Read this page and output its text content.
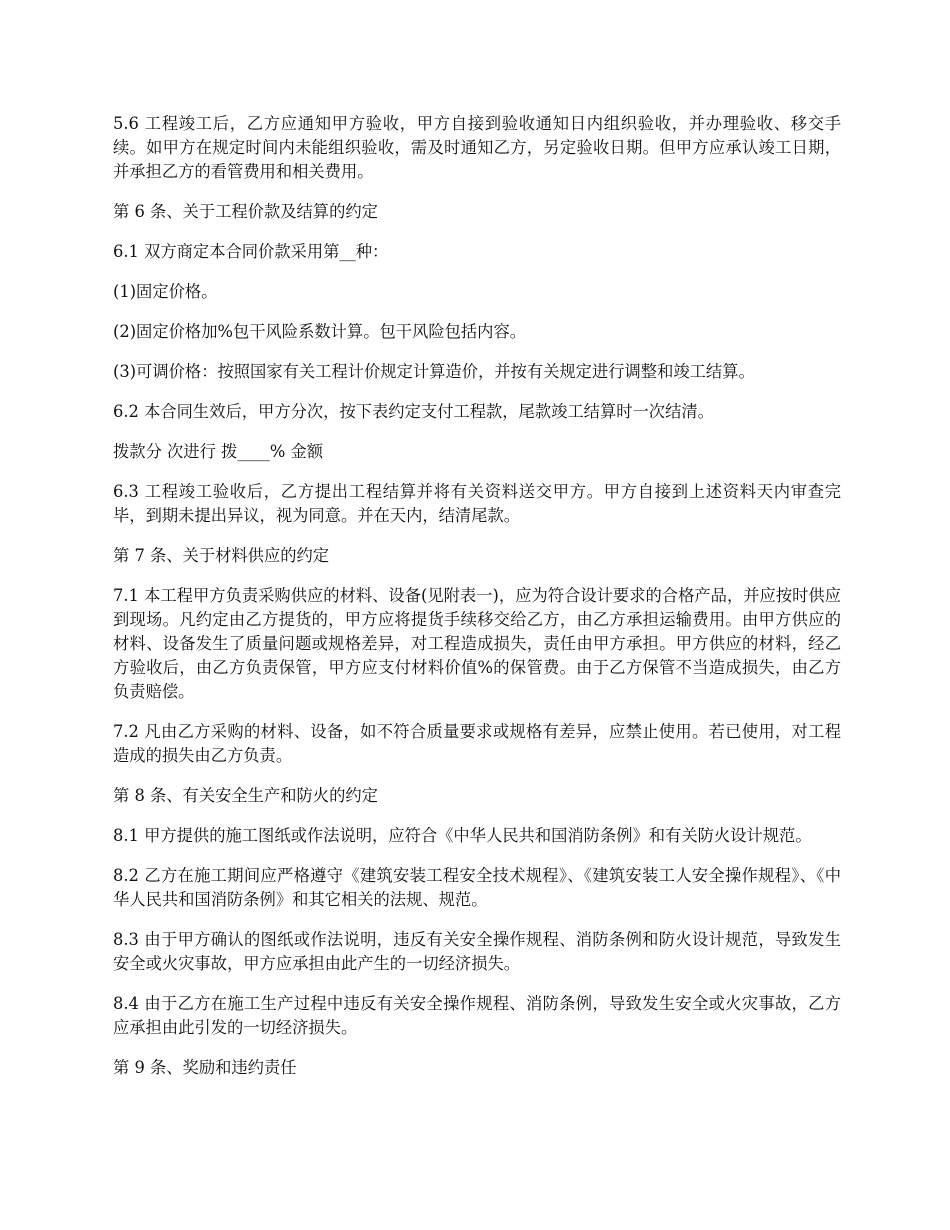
5.6 工程竣工后，乙方应通知甲方验收，甲方自接到验收通知日内组织验收，并办理验收、移交手续。如甲方在规定时间内未能组织验收，需及时通知乙方，另定验收日期。但甲方应承认竣工日期，并承担乙方的看管费用和相关费用。

第 6 条、关于工程价款及结算的约定

6.1 双方商定本合同价款采用第__种：

(1)固定价格。

(2)固定价格加%包干风险系数计算。包干风险包括内容。

(3)可调价格：按照国家有关工程计价规定计算造价，并按有关规定进行调整和竣工结算。

6.2 本合同生效后，甲方分次，按下表约定支付工程款，尾款竣工结算时一次结清。

拨款分 次进行 拨____% 金额

6.3 工程竣工验收后，乙方提出工程结算并将有关资料送交甲方。甲方自接到上述资料天内审查完毕，到期未提出异议，视为同意。并在天内，结清尾款。

第 7 条、关于材料供应的约定

7.1 本工程甲方负责采购供应的材料、设备(见附表一)，应为符合设计要求的合格产品，并应按时供应到现场。凡约定由乙方提货的，甲方应将提货手续移交给乙方，由乙方承担运输费用。由甲方供应的材料、设备发生了质量问题或规格差异，对工程造成损失，责任由甲方承担。甲方供应的材料，经乙方验收后，由乙方负责保管，甲方应支付材料价值%的保管费。由于乙方保管不当造成损失，由乙方负责赔偿。

7.2 凡由乙方采购的材料、设备，如不符合质量要求或规格有差异，应禁止使用。若已使用，对工程造成的损失由乙方负责。

第 8 条、有关安全生产和防火的约定

8.1 甲方提供的施工图纸或作法说明，应符合《中华人民共和国消防条例》和有关防火设计规范。

8.2 乙方在施工期间应严格遵守《建筑安装工程安全技术规程》、《建筑安装工人安全操作规程》、《中华人民共和国消防条例》和其它相关的法规、规范。

8.3 由于甲方确认的图纸或作法说明，违反有关安全操作规程、消防条例和防火设计规范，导致发生安全或火灾事故，甲方应承担由此产生的一切经济损失。

8.4 由于乙方在施工生产过程中违反有关安全操作规程、消防条例，导致发生安全或火灾事故，乙方应承担由此引发的一切经济损失。

第 9 条、奖励和违约责任
